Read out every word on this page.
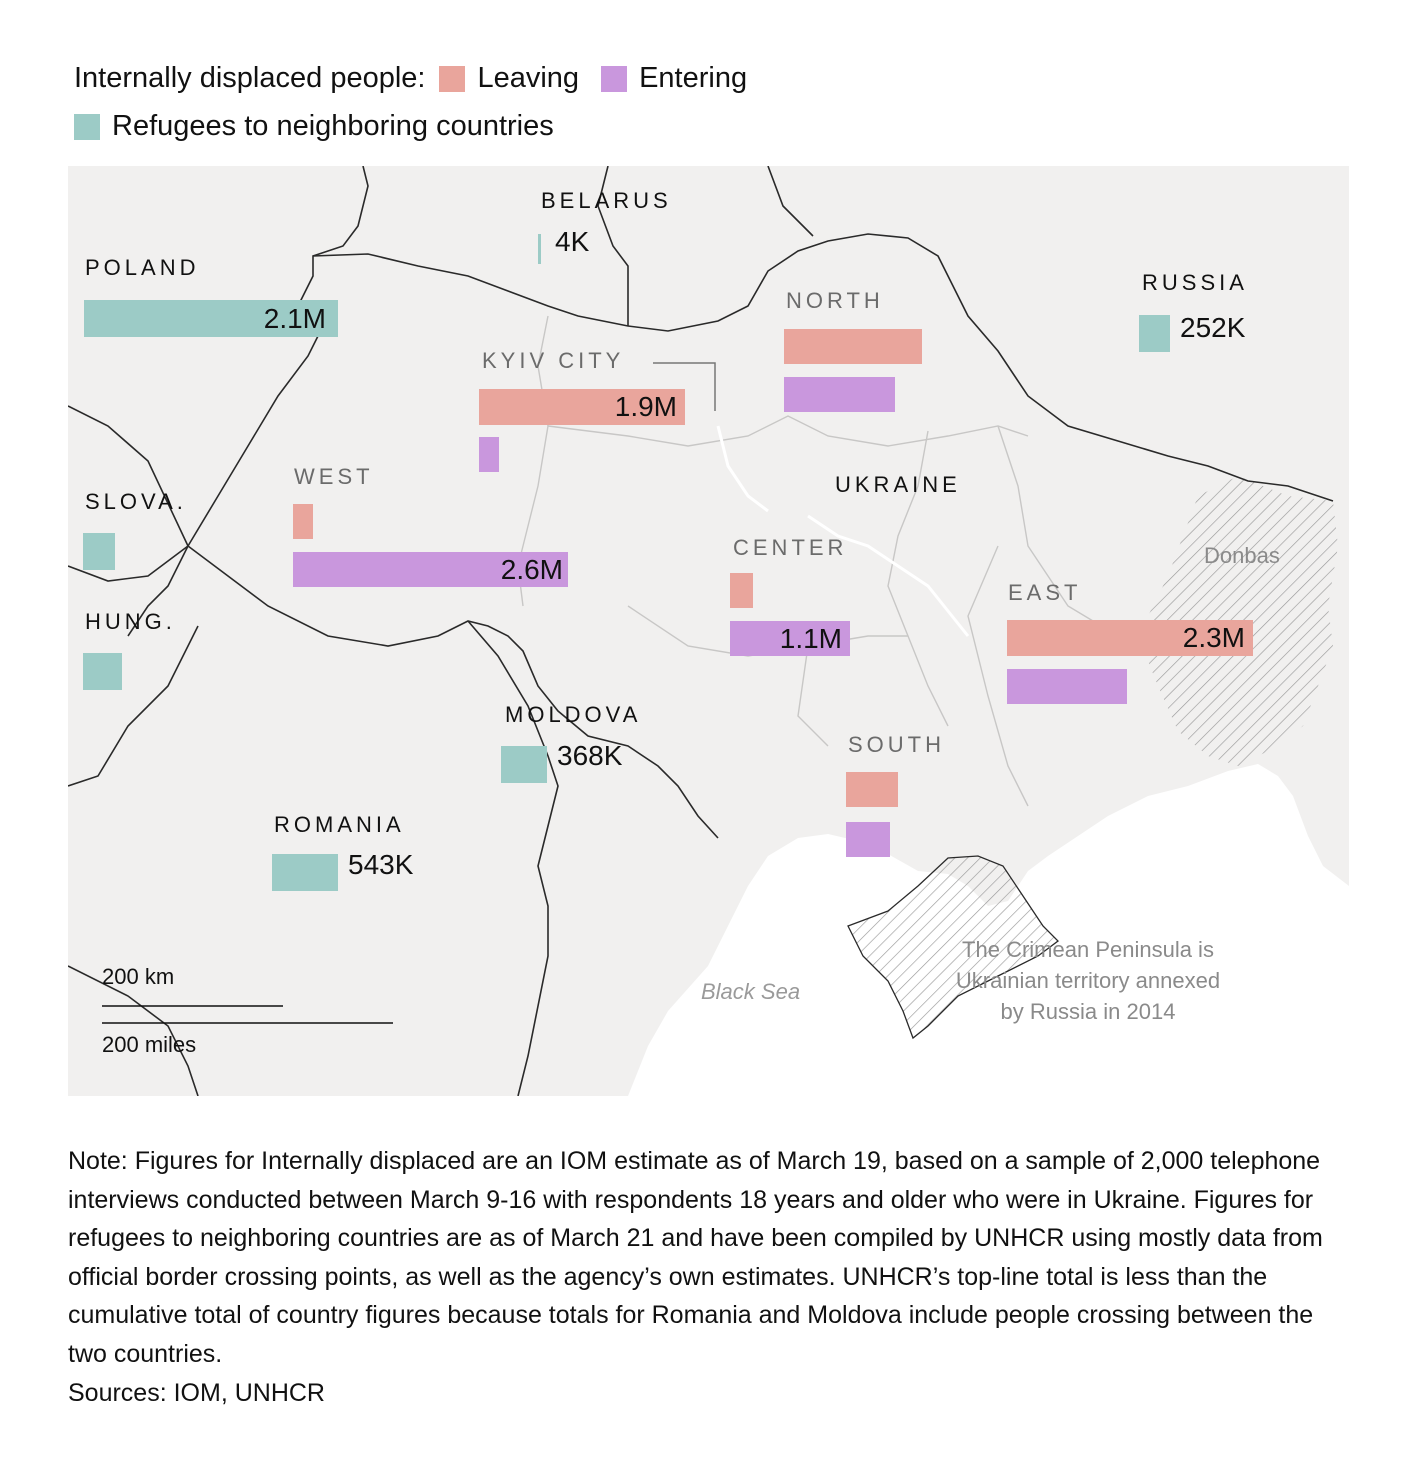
Internally displaced people: Leaving Entering
Refugees to neighboring countries
BELARUS
POLAND
RUSSIA
SLOVA.
HUNG.
MOLDOVA
ROMANIA
UKRAINE
KYIV CITY
NORTH
WEST
CENTER
EAST
SOUTH
2.1M
4K
252K
368K
543K
1.9M
2.6M
1.1M	2.3M
Donbas
Black Sea
The Crimean Peninsula is
Ukrainian territory annexed
by Russia in 2014
200 km
200 miles

Note: Figures for Internally displaced are an IOM estimate as of March 19, based on a sample of 2,000 telephone interviews conducted between March 9-16 with respondents 18 years and older who were in Ukraine. Figures for refugees to neighboring countries are as of March 21 and have been compiled by UNHCR using mostly data from official border crossing points, as well as the agency’s own estimates. UNHCR’s top-line total is less than the cumulative total of country figures because totals for Romania and Moldova include people crossing between the two countries.

Sources: IOM, UNHCR
